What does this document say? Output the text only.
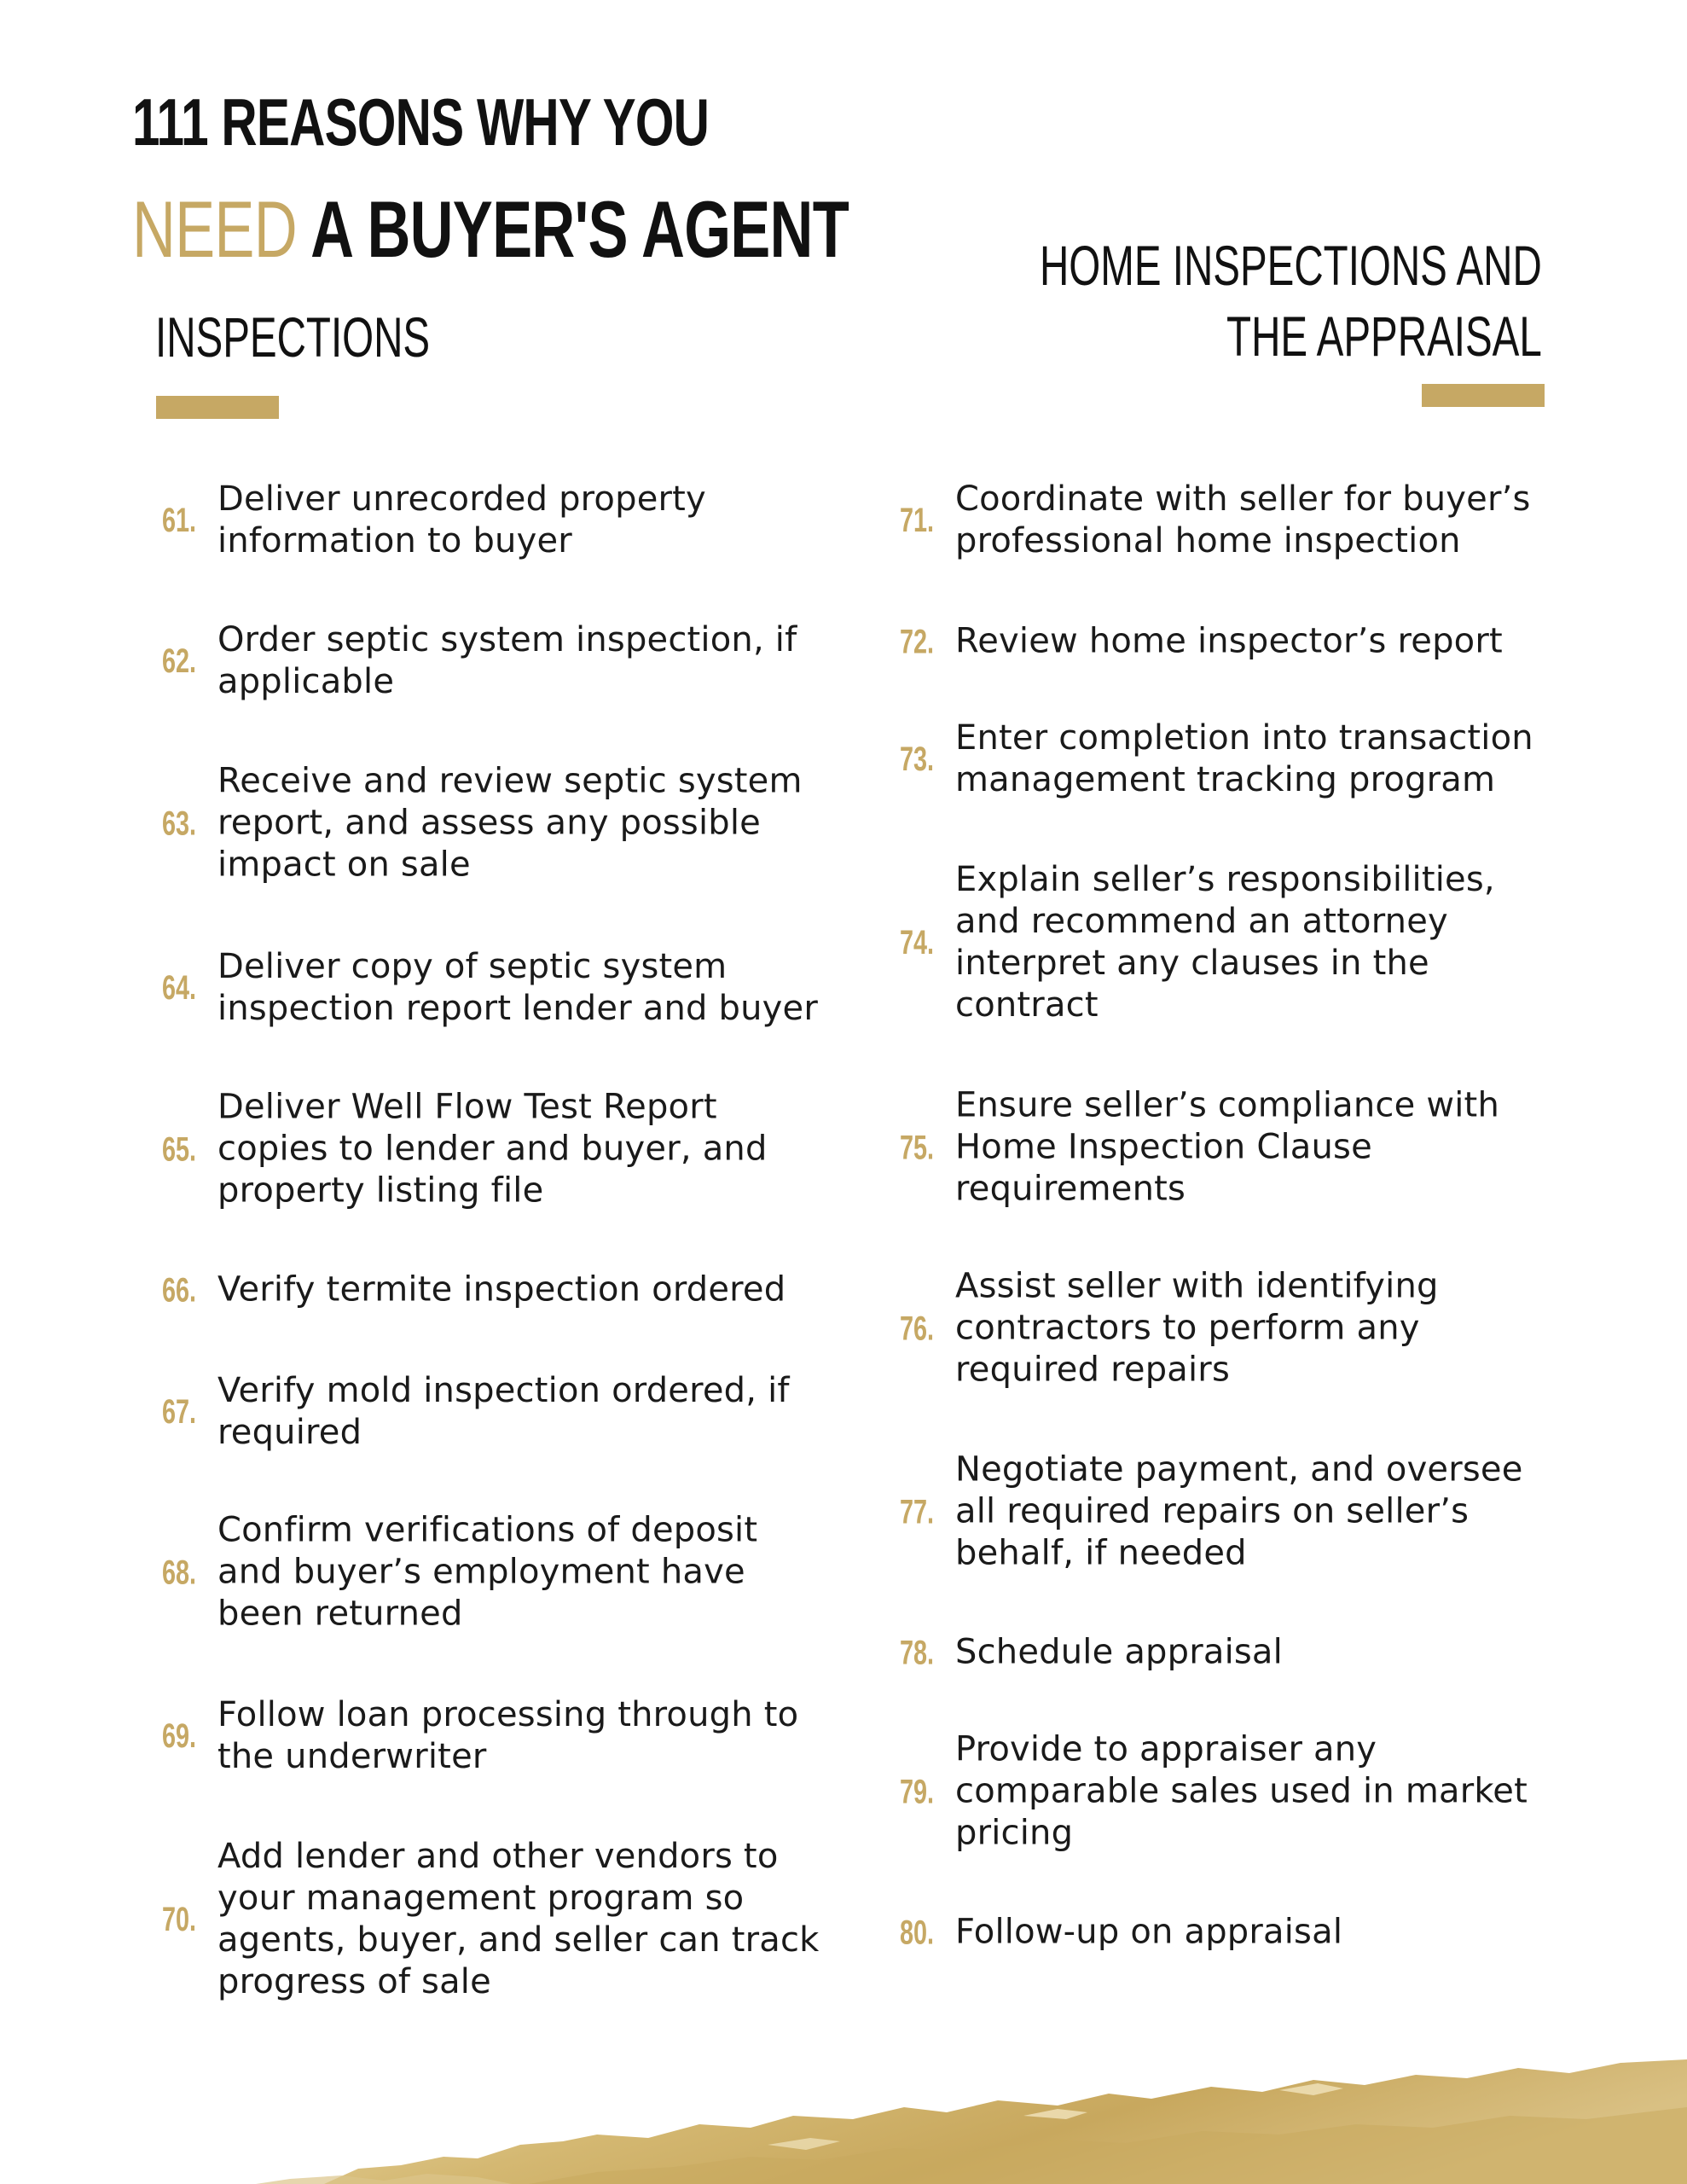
111 REASONS WHY YOU
NEED A BUYER'S AGENT
INSPECTIONS
HOME INSPECTIONS AND
THE APPRAISAL
61.
Deliver unrecorded property
information to buyer
62.
Order septic system inspection, if
applicable
63.
Receive and review septic system
report, and assess any possible
impact on sale
64.
Deliver copy of septic system
inspection report lender and buyer
65.
Deliver Well Flow Test Report
copies to lender and buyer, and
property listing file
66. Verify termite inspection ordered
67.
Verify mold inspection ordered, if
required
68.
Confirm verifications of deposit
and buyer’s employment have
been returned
69.
Follow loan processing through to
the underwriter
70.
Add lender and other vendors to
your management program so
agents, buyer, and seller can track
progress of sale
71.
Coordinate with seller for buyer’s
professional home inspection
72. Review home inspector’s report
73.
Enter completion into transaction
management tracking program
74.
Explain seller’s responsibilities,
and recommend an attorney
interpret any clauses in the
contract
75.
Ensure seller’s compliance with
Home Inspection Clause
requirements
76.
Assist seller with identifying
contractors to perform any
required repairs
77.
Negotiate payment, and oversee
all required repairs on seller’s
behalf, if needed
78. Schedule appraisal
79.
Provide to appraiser any
comparable sales used in market
pricing
80. Follow-up on appraisal
